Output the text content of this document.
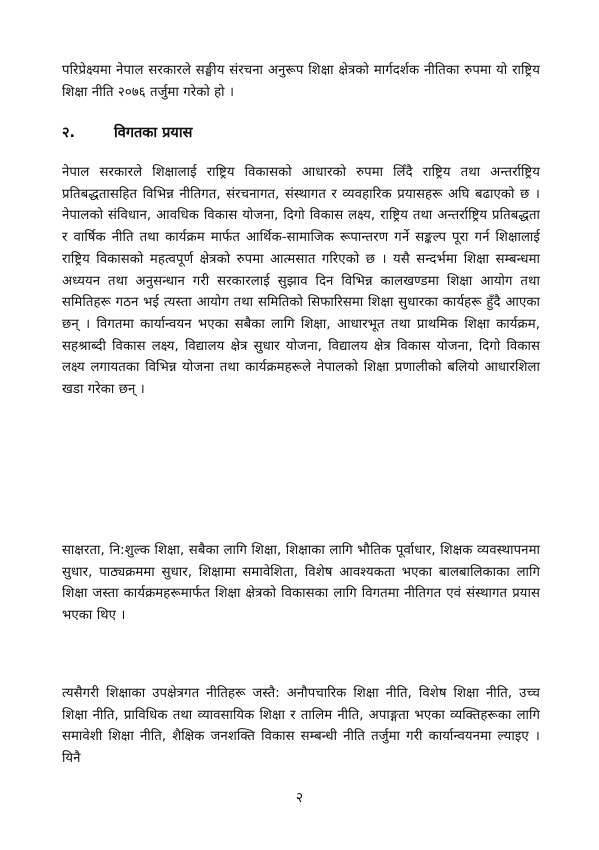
परिप्रेक्ष्यमा नेपाल सरकारले सङ्घीय संरचना अनुरूप शिक्षा क्षेत्रको मार्गदर्शक नीतिका रुपमा यो राष्ट्रिय शिक्षा नीति २०७६ तर्जुमा गरेको हो ।

२.	विगतका प्रयास

नेपाल सरकारले शिक्षालाई राष्ट्रिय विकासको आधारको रुपमा लिँदै राष्ट्रिय तथा अन्तर्राष्ट्रिय प्रतिबद्धतासहित विभिन्न नीतिगत, संरचनागत, संस्थागत र व्यवहारिक प्रयासहरू अघि बढाएको छ । नेपालको संविधान, आवधिक विकास योजना, दिगो विकास लक्ष्य, राष्ट्रिय तथा अन्तर्राष्ट्रिय प्रतिबद्धता र वार्षिक नीति तथा कार्यक्रम मार्फत आर्थिक-सामाजिक रूपान्तरण गर्ने सङ्कल्प पूरा गर्न शिक्षालाई राष्ट्रिय विकासको महत्वपूर्ण क्षेत्रको रुपमा आत्मसात गरिएको छ । यसै सन्दर्भमा शिक्षा सम्बन्धमा अध्ययन तथा अनुसन्धान गरी सरकारलाई सुझाव दिन विभिन्न कालखण्डमा शिक्षा आयोग तथा समितिहरू गठन भई त्यस्ता आयोग तथा समितिको सिफारिसमा शिक्षा सुधारका कार्यहरू हुँदै आएका छन् । विगतमा कार्यान्वयन भएका सबैका लागि शिक्षा, आधारभूत तथा प्राथमिक शिक्षा कार्यक्रम, सहश्राब्दी विकास लक्ष्य, विद्यालय क्षेत्र सुधार योजना, विद्यालय क्षेत्र विकास योजना, दिगो विकास लक्ष्य लगायतका विभिन्न योजना तथा कार्यक्रमहरूले नेपालको शिक्षा प्रणालीको बलियो आधारशिला खडा गरेका छन् ।

साक्षरता, नि:शुल्क शिक्षा, सबैका लागि शिक्षा, शिक्षाका लागि भौतिक पूर्वाधार, शिक्षक व्यवस्थापनमा सुधार, पाठ्यक्रममा सुधार, शिक्षामा समावेशिता, विशेष आवश्यकता भएका बालबालिकाका लागि शिक्षा जस्ता कार्यक्रमहरूमार्फत शिक्षा क्षेत्रको विकासका लागि विगतमा नीतिगत एवं संस्थागत प्रयास भएका थिए ।

त्यसैगरी शिक्षाका उपक्षेत्रगत नीतिहरू जस्तै: अनौपचारिक शिक्षा नीति, विशेष शिक्षा नीति, उच्च शिक्षा नीति, प्राविधिक तथा व्यावसायिक शिक्षा र तालिम नीति, अपाङ्गता भएका व्यक्तिहरूका लागि समावेशी शिक्षा नीति, शैक्षिक जनशक्ति विकास सम्बन्धी नीति तर्जुमा गरी कार्यान्वयनमा ल्याइए । यिनै

२
